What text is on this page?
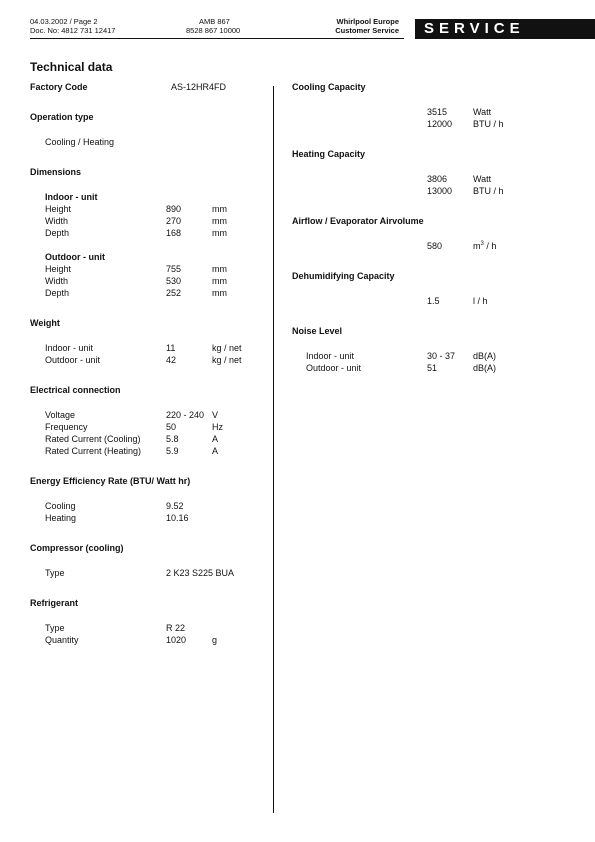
04.03.2002 / Page 2
Doc. No: 4812 731 12417
AMB 867
8528 867 10000
Whirlpool Europe
Customer Service	SERVICE
Technical data
Factory Code	AS-12HR4FD
Operation type
Cooling / Heating
Dimensions
Indoor - unit
Height	890	mm
Width	270	mm
Depth	168	mm
Outdoor - unit
Height	755	mm
Width	530	mm
Depth	252	mm
Weight
Indoor - unit	11	kg / net
Outdoor - unit	42	kg / net
Electrical connection
Voltage	220 - 240 V
Frequency	50	Hz
Rated Current (Cooling)	5.8	A
Rated Current (Heating)	5.9	A
Energy Efficiency Rate (BTU/ Watt hr)
Cooling	9.52
Heating	10.16
Compressor (cooling)
Type	2 K23 S225 BUA
Refrigerant
Type	R 22
Quantity	1020	g
Cooling Capacity
3515	Watt
12000 BTU / h
Heating Capacity
3806	Watt
13000 BTU / h
Airflow / Evaporator Airvolume
580	$m^3$ / h
Dehumidifying Capacity
1.5	l / h
Noise Level
Indoor - unit	30 - 37 dB(A)
Outdoor - unit	51	dB(A)
